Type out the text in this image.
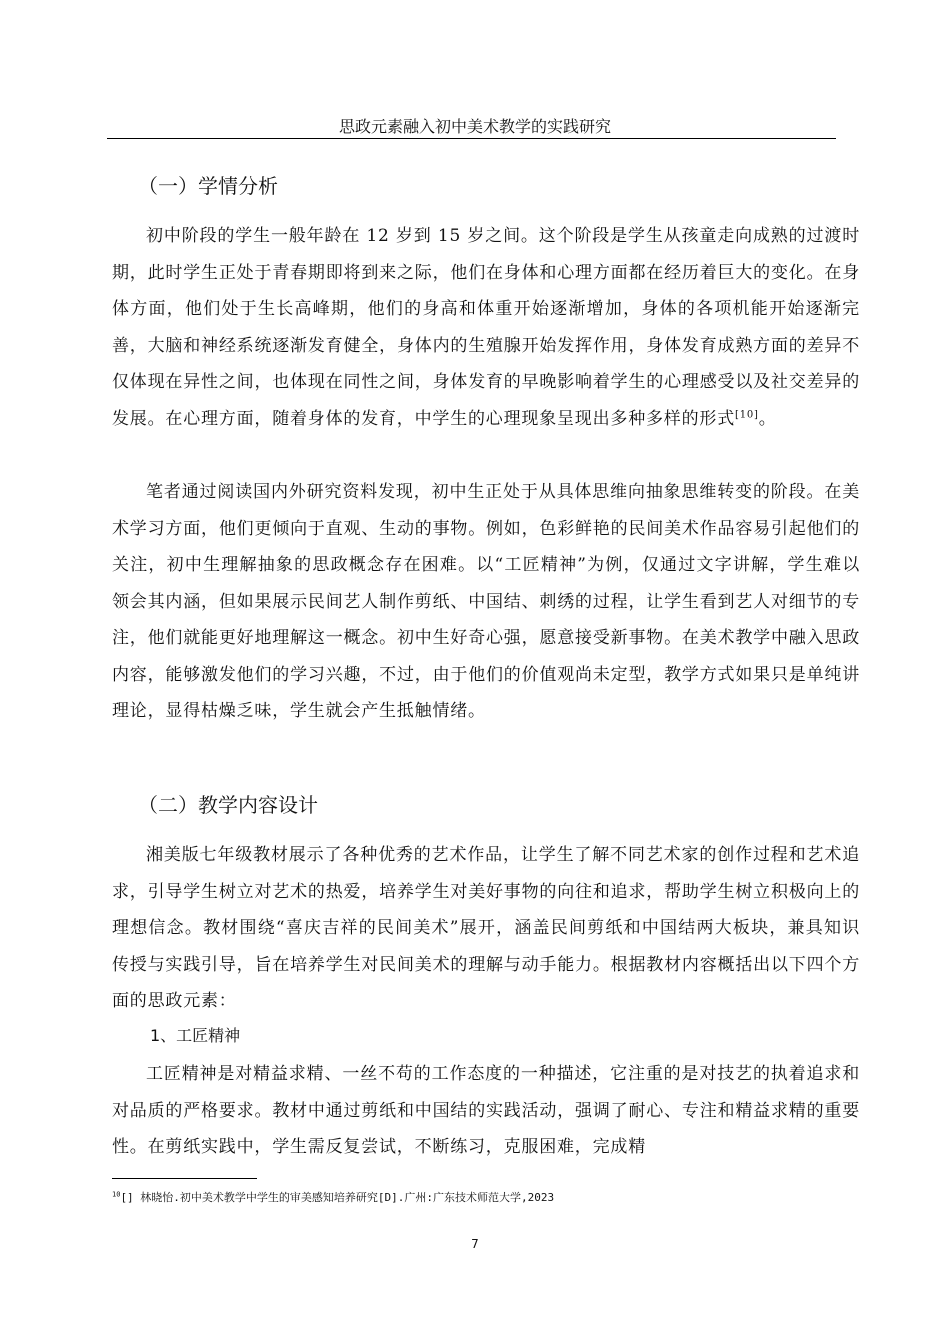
思政元素融入初中美术教学的实践研究
（一）学情分析

初中阶段的学生一般年龄在 12 岁到 15 岁之间。这个阶段是学生从孩童走向成熟的过渡时期，此时学生正处于青春期即将到来之际，他们在身体和心理方面都在经历着巨大的变化。在身体方面，他们处于生长高峰期，他们的身高和体重开始逐渐增加，身体的各项机能开始逐渐完善，大脑和神经系统逐渐发育健全，身体内的生殖腺开始发挥作用，身体发育成熟方面的差异不仅体现在异性之间，也体现在同性之间，身体发育的早晚影响着学生的心理感受以及社交差异的发展。在心理方面，随着身体的发育，中学生的心理现象呈现出多种多样的形式[10]。

笔者通过阅读国内外研究资料发现，初中生正处于从具体思维向抽象思维转变的阶段。在美术学习方面，他们更倾向于直观、生动的事物。例如，色彩鲜艳的民间美术作品容易引起他们的关注，初中生理解抽象的思政概念存在困难。以“工匠精神”为例，仅通过文字讲解，学生难以领会其内涵，但如果展示民间艺人制作剪纸、中国结、刺绣的过程，让学生看到艺人对细节的专注，他们就能更好地理解这一概念。初中生好奇心强，愿意接受新事物。在美术教学中融入思政内容，能够激发他们的学习兴趣，不过，由于他们的价值观尚未定型，教学方式如果只是单纯讲理论，显得枯燥乏味，学生就会产生抵触情绪。

（二）教学内容设计

湘美版七年级教材展示了各种优秀的艺术作品，让学生了解不同艺术家的创作过程和艺术追求，引导学生树立对艺术的热爱，培养学生对美好事物的向往和追求，帮助学生树立积极向上的理想信念。教材围绕“喜庆吉祥的民间美术”展开，涵盖民间剪纸和中国结两大板块，兼具知识传授与实践引导，旨在培养学生对民间美术的理解与动手能力。根据教材内容概括出以下四个方面的思政元素：

1、工匠精神

工匠精神是对精益求精、一丝不苟的工作态度的一种描述，它注重的是对技艺的执着追求和对品质的严格要求。教材中通过剪纸和中国结的实践活动，强调了耐心、专注和精益求精的重要性。在剪纸实践中，学生需反复尝试，不断练习，克服困难，完成精

$^{10}$[] 林晓怡.初中美术教学中学生的审美感知培养研究[D].广州:广东技术师范大学,2023
7
